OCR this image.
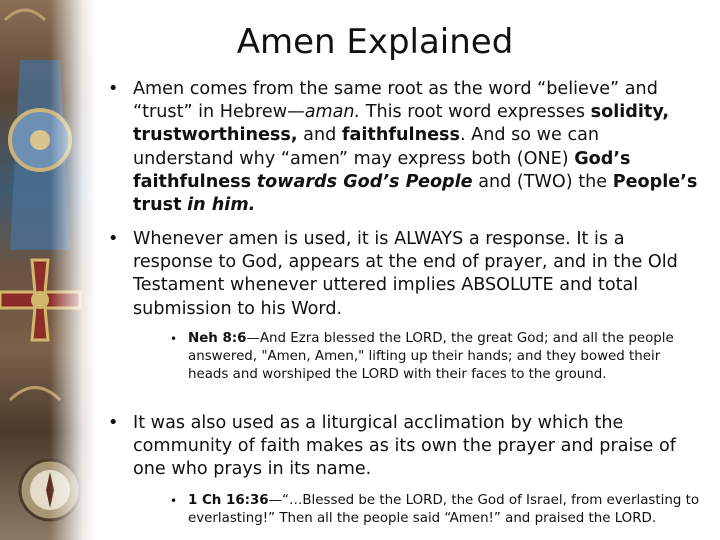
Amen Explained
• Amen comes from the same root as the word “believe” and “trust” in Hebrew—aman. This root word expresses solidity, trustworthiness, and faithfulness. And so we can understand why “amen” may express both (ONE) God’s faithfulness towards God’s People and (TWO) the People’s trust in him.
• Whenever amen is used, it is ALWAYS a response. It is a response to God, appears at the end of prayer, and in the Old Testament whenever uttered implies ABSOLUTE and total submission to his Word.
• Neh 8:6—And Ezra blessed the LORD, the great God; and all the people answered, "Amen, Amen," lifting up their hands; and they bowed their heads and worshiped the LORD with their faces to the ground.
• It was also used as a liturgical acclimation by which the community of faith makes as its own the prayer and praise of one who prays in its name.
• 1 Ch 16:36—“…Blessed be the LORD, the God of Israel, from everlasting to everlasting!” Then all the people said “Amen!” and praised the LORD.
